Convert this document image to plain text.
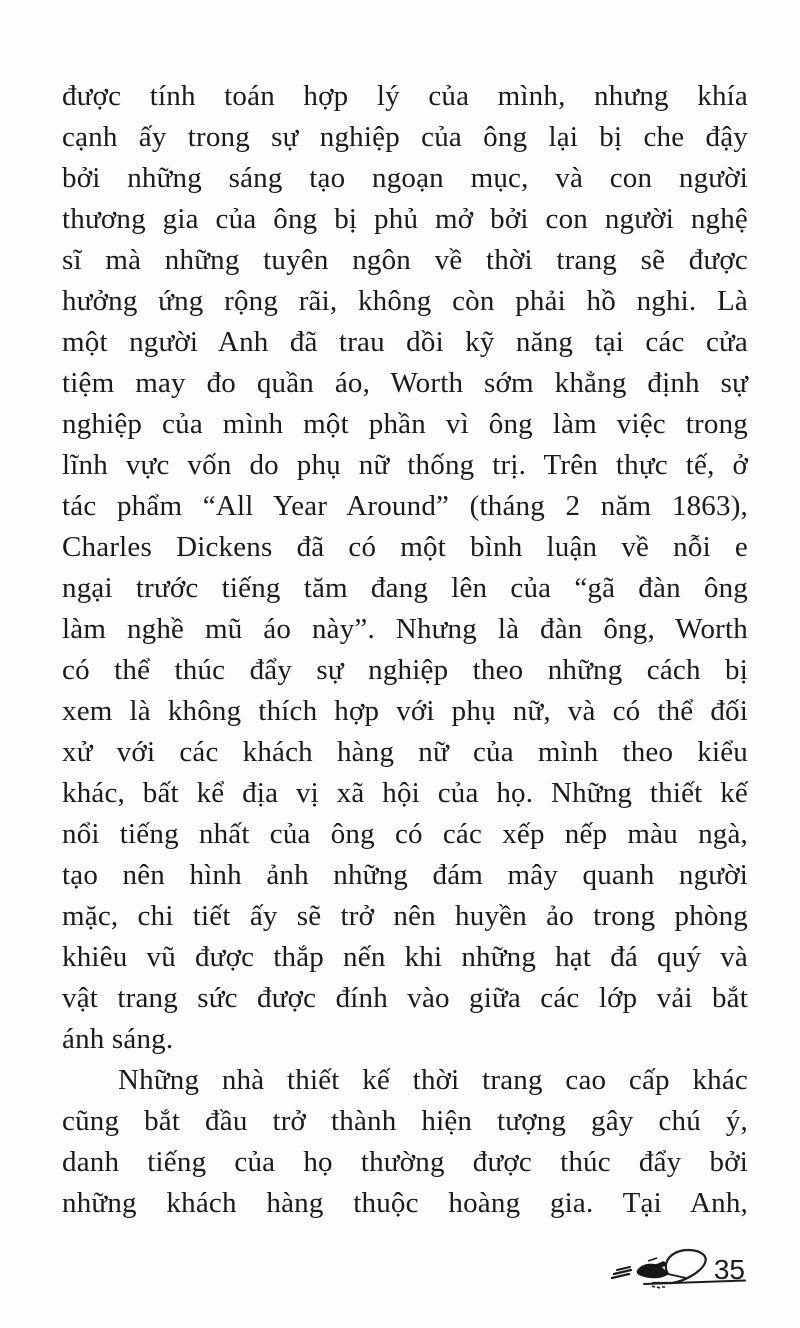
được tính toán hợp lý của mình, nhưng khía
cạnh ấy trong sự nghiệp của ông lại bị che đậy
bởi những sáng tạo ngoạn mục, và con người
thương gia của ông bị phủ mở bởi con người nghệ
sĩ mà những tuyên ngôn về thời trang sẽ được
hưởng ứng rộng rãi, không còn phải hồ nghi. Là
một người Anh đã trau dồi kỹ năng tại các cửa
tiệm may đo quần áo, Worth sớm khẳng định sự
nghiệp của mình một phần vì ông làm việc trong
lĩnh vực vốn do phụ nữ thống trị. Trên thực tế, ở
tác phẩm “All Year Around” (tháng 2 năm 1863),
Charles Dickens đã có một bình luận về nỗi e
ngại trước tiếng tăm đang lên của “gã đàn ông
làm nghề mũ áo này”. Nhưng là đàn ông, Worth
có thể thúc đẩy sự nghiệp theo những cách bị
xem là không thích hợp với phụ nữ, và có thể đối
xử với các khách hàng nữ của mình theo kiểu
khác, bất kể địa vị xã hội của họ. Những thiết kế
nổi tiếng nhất của ông có các xếp nếp màu ngà,
tạo nên hình ảnh những đám mây quanh người
mặc, chi tiết ấy sẽ trở nên huyền ảo trong phòng
khiêu vũ được thắp nến khi những hạt đá quý và
vật trang sức được đính vào giữa các lớp vải bắt
ánh sáng.
Những nhà thiết kế thời trang cao cấp khác
cũng bắt đầu trở thành hiện tượng gây chú ý,
danh tiếng của họ thường được thúc đẩy bởi
những khách hàng thuộc hoàng gia. Tại Anh,
35
